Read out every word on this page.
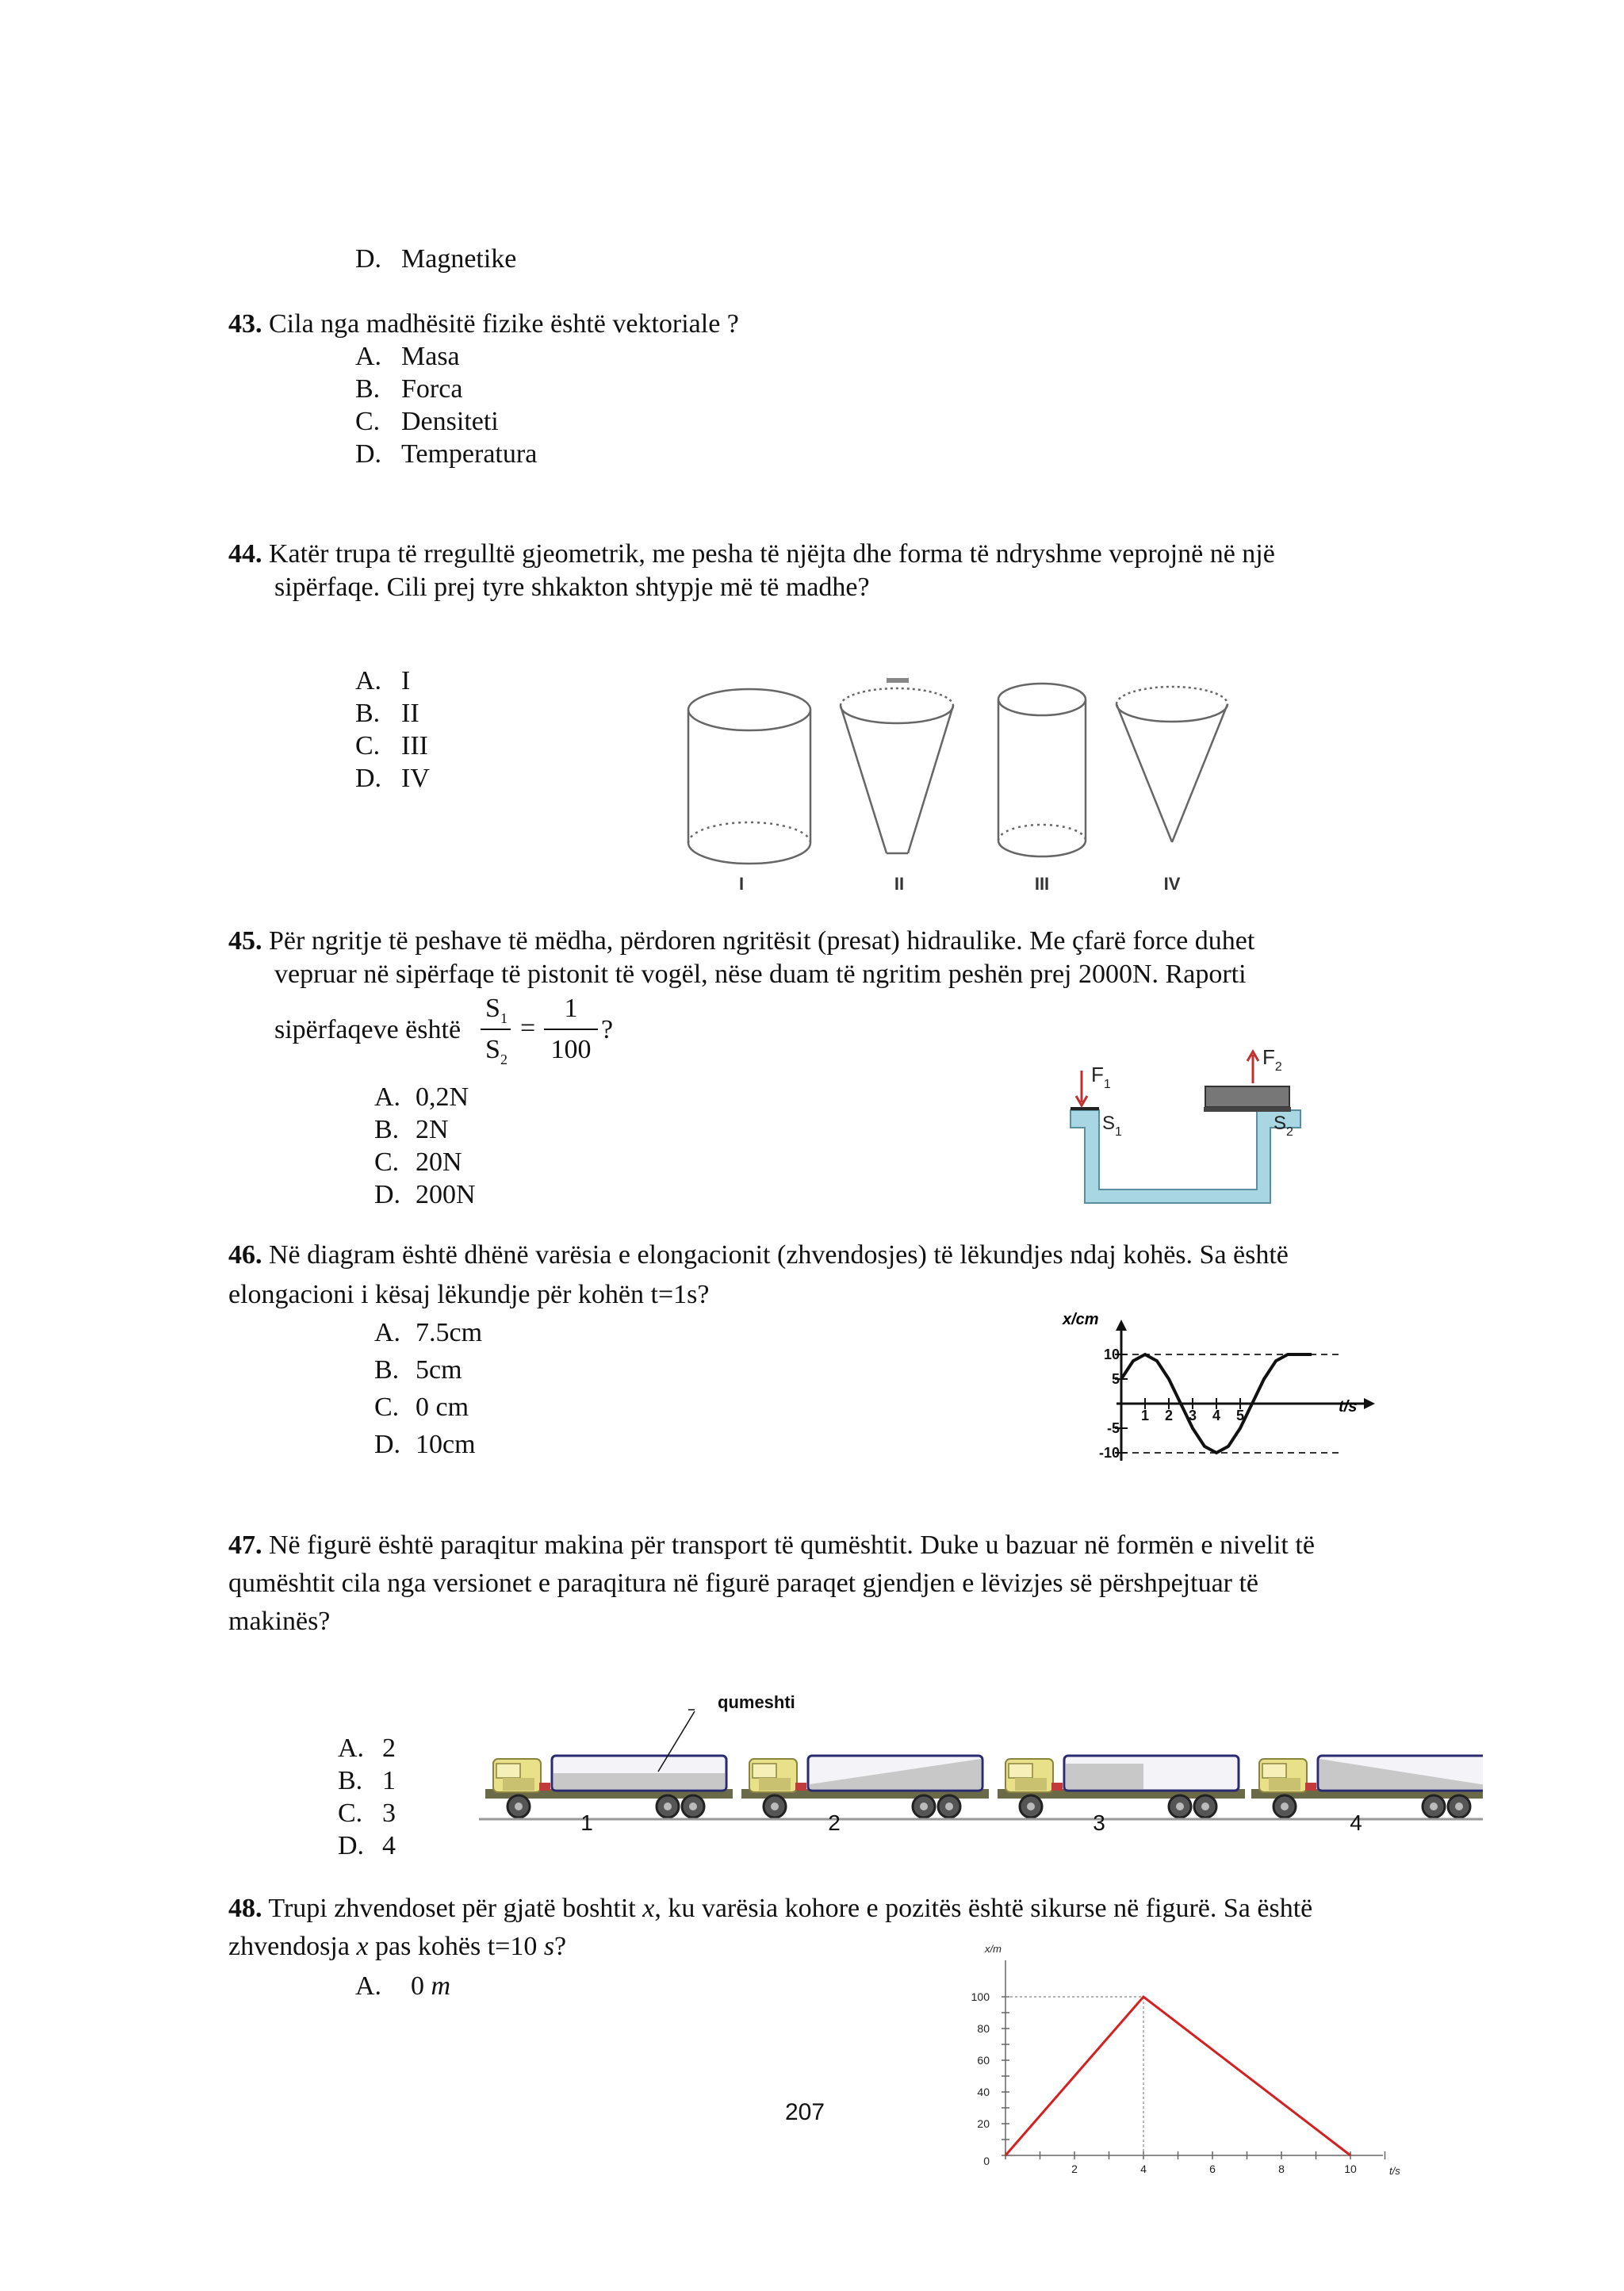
D. Magnetike
43. Cila nga madhësitë fizike është vektoriale ?
A. Masa
B. Forca
C. Densiteti
D. Temperatura
44. Katër trupa të rregulltë gjeometrik, me pesha të njëjta dhe forma të ndryshme veprojnë në një
sipërfaqe. Cili prej tyre shkakton shtypje më të madhe?
A. I
B. II
C. III
D. IV
I	II	III	IV
45. Për ngritje të peshave të mëdha, përdoren ngritësit (presat) hidraulike. Me çfarë force duhet
vepruar në sipërfaqe të pistonit të vogël, nëse duam të ngritim peshën prej 2000N. Raporti
sipërfaqeve është
$S_1$
$S_2$
=
1
100
?
A. 0,2N
B. 2N
C. 20N
D. 200N
$F_1$
$F_2$
$S_1$	$S_2$
46. Në diagram është dhënë varësia e elongacionit (zhvendosjes) të lëkundjes ndaj kohës. Sa është
elongacioni i kësaj lëkundje për kohën t=1s?
A. 7.5cm
B. 5cm
C. 0 cm
D. 10cm
1 2 3 4 5
10
5
-5
-10
x/cm
t/s
47. Në figurë është paraqitur makina për transport të qumështit. Duke u bazuar në formën e nivelit të
qumështit cila nga versionet e paraqitura në figurë paraqet gjendjen e lëvizjes së përshpejtuar të
makinës?
A. 2
B. 1
C. 3
D. 4
qumeshti
1	2	3	4
48. Trupi zhvendoset për gjatë boshtit x, ku varësia kohore e pozitës është sikurse në figurë. Sa është
zhvendosja x pas kohës t=10 s?
A. 0 m
2	4	6	8	10
100
80
60
40
20
0
x/m
t/s
207
